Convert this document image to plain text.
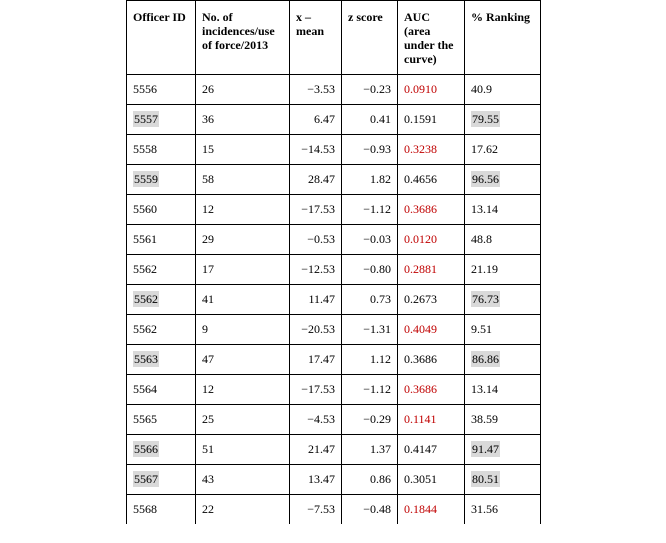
Officer ID	No. of incidences/use of force/2013	x – mean	z score	AUC (area under the curve)	% Ranking
5556	26	−3.53	−0.23	0.0910	40.9
5557	36	6.47	0.41	0.1591	79.55
5558	15	−14.53	−0.93	0.3238	17.62
5559	58	28.47	1.82	0.4656	96.56
5560	12	−17.53	−1.12	0.3686	13.14
5561	29	−0.53	−0.03	0.0120	48.8
5562	17	−12.53	−0.80	0.2881	21.19
5562	41	11.47	0.73	0.2673	76.73
5562	9	−20.53	−1.31	0.4049	9.51
5563	47	17.47	1.12	0.3686	86.86
5564	12	−17.53	−1.12	0.3686	13.14
5565	25	−4.53	−0.29	0.1141	38.59
5566	51	21.47	1.37	0.4147	91.47
5567	43	13.47	0.86	0.3051	80.51
5568	22	−7.53	−0.48	0.1844	31.56
